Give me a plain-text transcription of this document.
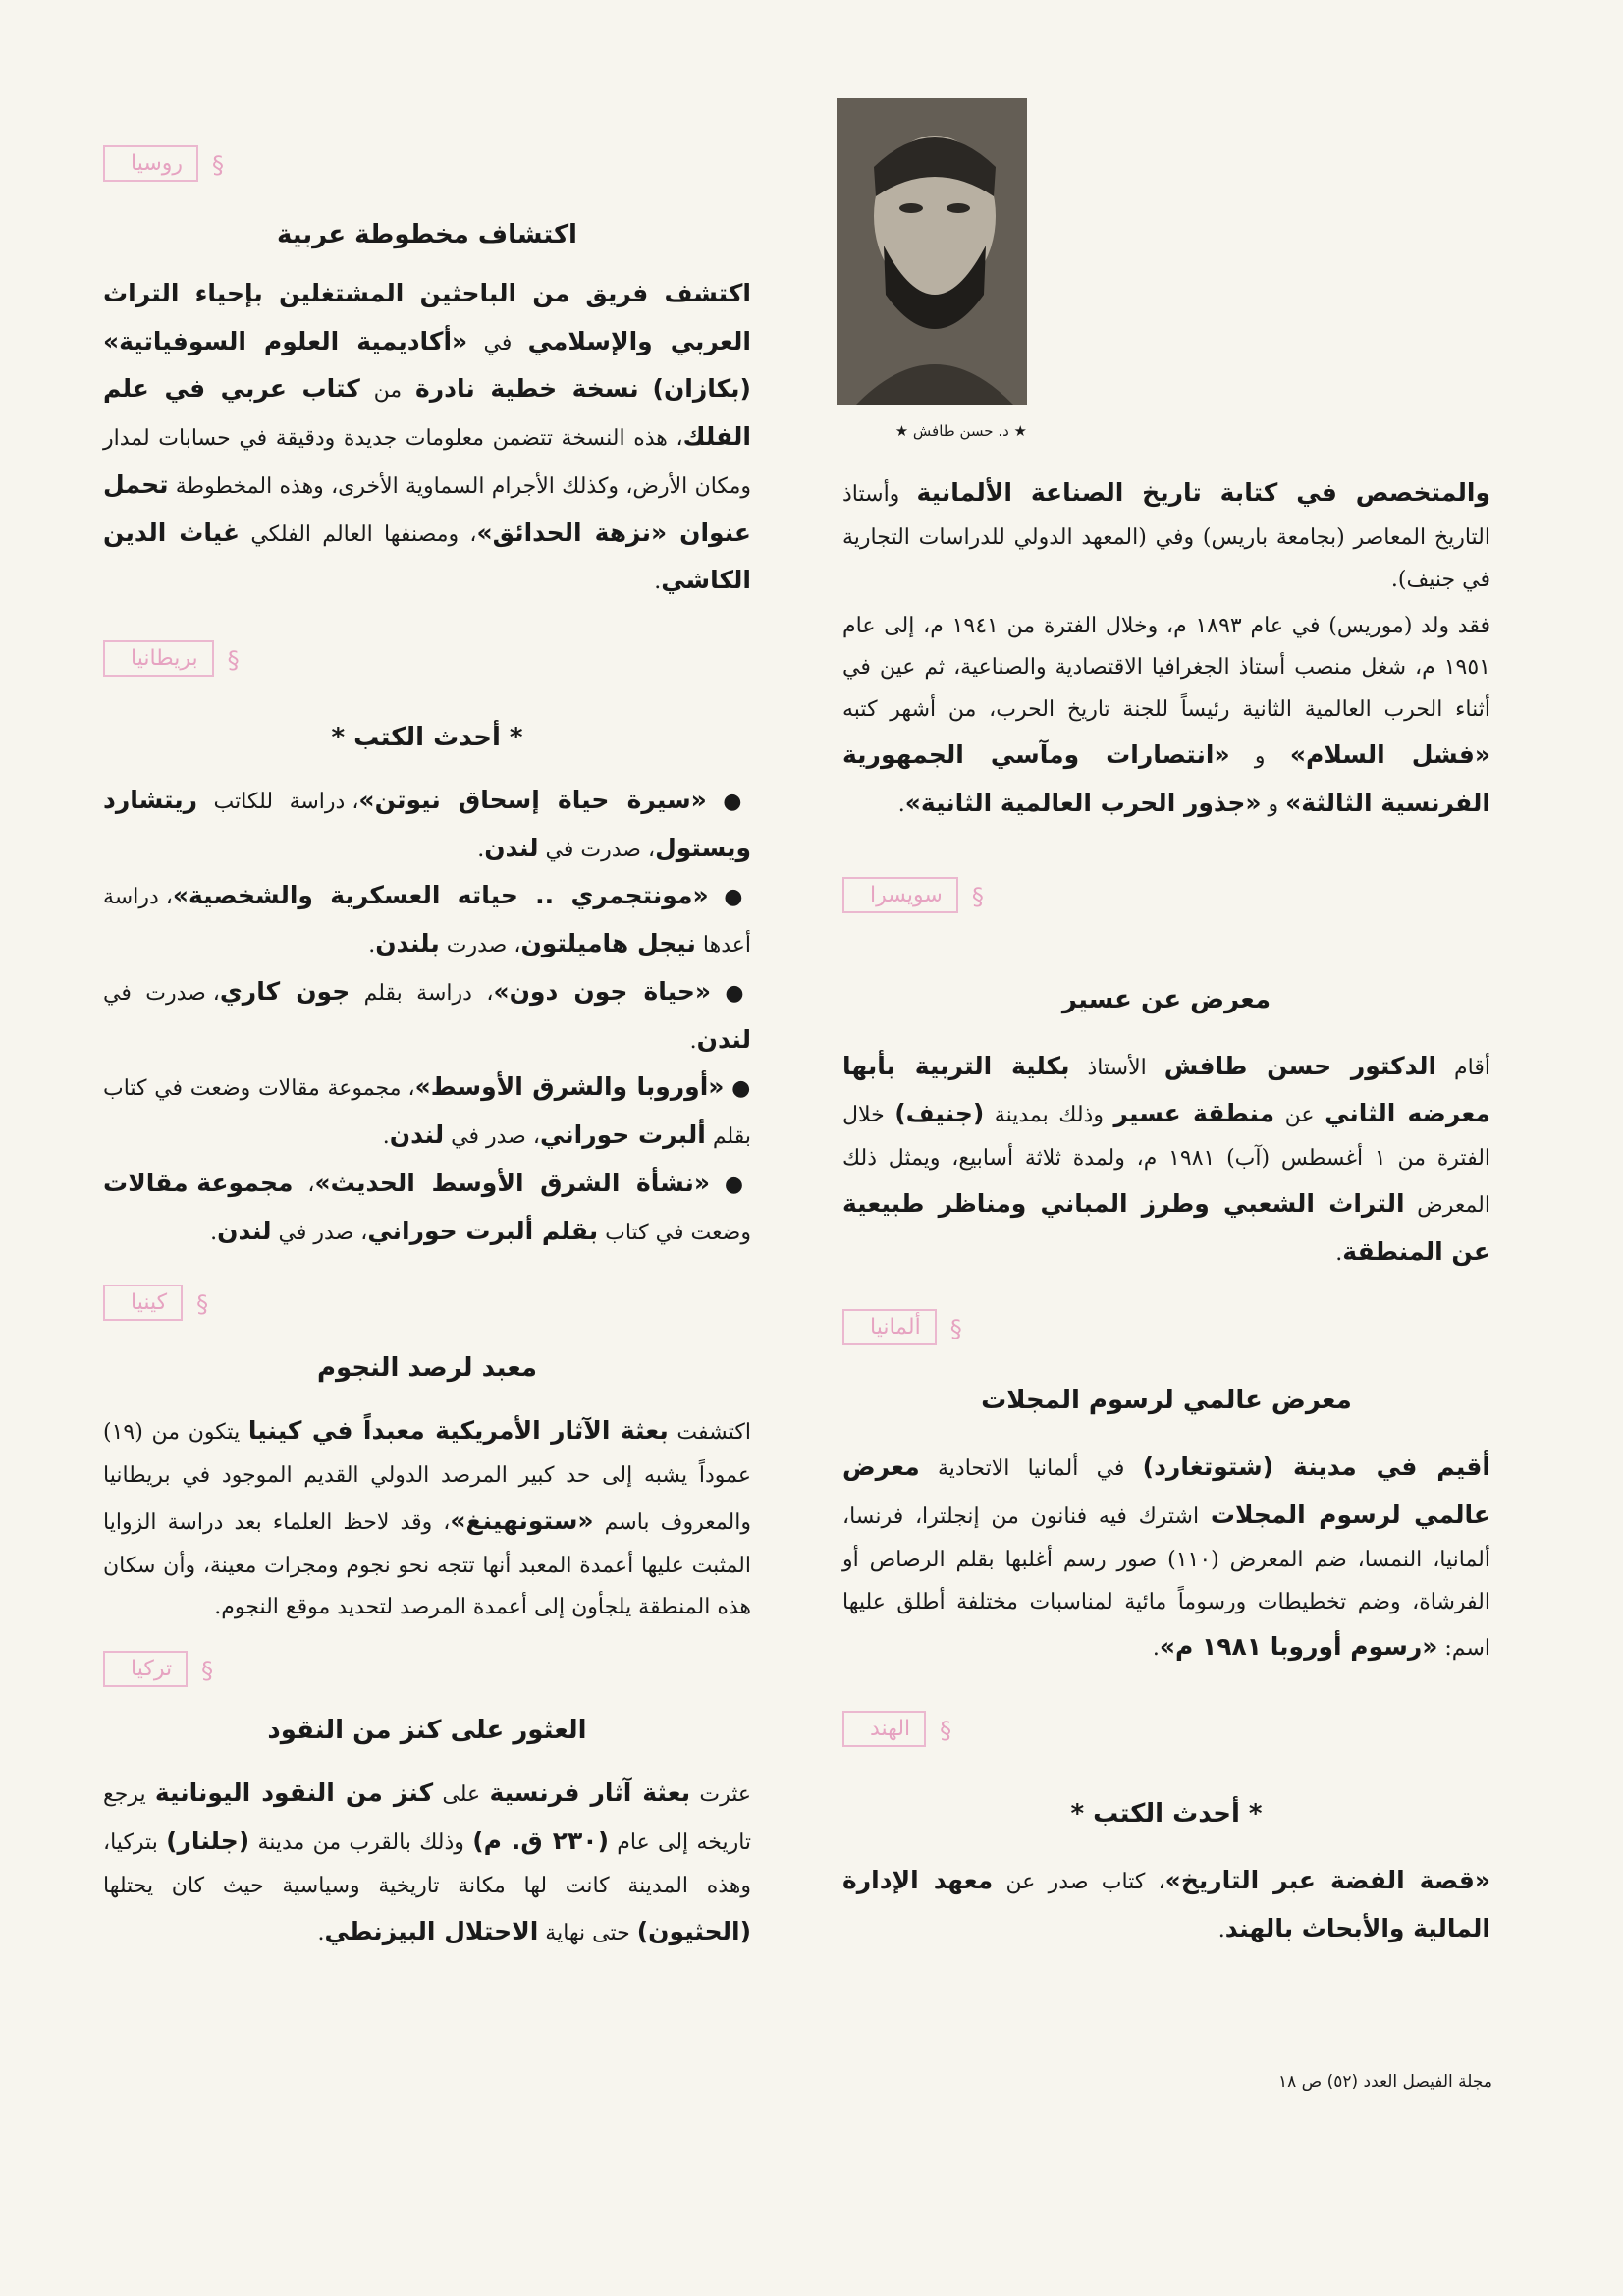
★ د. حسن طافش ★

والمتخصص في كتابة تاريخ الصناعة الألمانية وأستاذ التاريخ المعاصر (بجامعة باريس) وفي (المعهد الدولي للدراسات التجارية في جنيف).

فقد ولد (موريس) في عام ١٨٩٣ م، وخلال الفترة من ١٩٤١ م، إلى عام ١٩٥١ م، شغل منصب أستاذ الجغرافيا الاقتصادية والصناعية، ثم عين في أثناء الحرب العالمية الثانية رئيساً للجنة تاريخ الحرب، من أشهر كتبه «فشل السلام» و «انتصارات ومآسي الجمهورية الفرنسية الثالثة» و «جذور الحرب العالمية الثانية».

§ سويسرا
معرض عن عسير

أقام الدكتور حسن طافش الأستاذ بكلية التربية بأبها معرضه الثاني عن منطقة عسير وذلك بمدينة (جنيف) خلال الفترة من ١ أغسطس (آب) ١٩٨١ م، ولمدة ثلاثة أسابيع، ويمثل ذلك المعرض التراث الشعبي وطرز المباني ومناظر طبيعية عن المنطقة.

§ ألمانيا
معرض عالمي لرسوم المجلات

أقيم في مدينة (شتوتغارد) في ألمانيا الاتحادية معرض عالمي لرسوم المجلات اشترك فيه فنانون من إنجلترا، فرنسا، ألمانيا، النمسا، ضم المعرض (١١٠) صور رسم أغلبها بقلم الرصاص أو الفرشاة، وضم تخطيطات ورسوماً مائية لمناسبات مختلفة أطلق عليها اسم: «رسوم أوروبا ١٩٨١ م».

§ الهند
* أحدث الكتب *

«قصة الفضة عبر التاريخ»، كتاب صدر عن معهد الإدارة المالية والأبحاث بالهند.

§ روسيا
اكتشاف مخطوطة عربية

اكتشف فريق من الباحثين المشتغلين بإحياء التراث العربي والإسلامي في «أكاديمية العلوم السوفياتية» (بكازان) نسخة خطية نادرة من كتاب عربي في علم الفلك، هذه النسخة تتضمن معلومات جديدة ودقيقة في حسابات لمدار ومكان الأرض، وكذلك الأجرام السماوية الأخرى، وهذه المخطوطة تحمل عنوان «نزهة الحدائق»، ومصنفها العالم الفلكي غياث الدين الكاشي.

§ بريطانيا
* أحدث الكتب *
● «سيرة حياة إسحاق نيوتن»، دراسة للكاتب ريتشارد ويستول، صدرت في لندن.
● «مونتجمري .. حياته العسكرية والشخصية»، دراسة أعدها نيجل هاميلتون، صدرت بلندن.
● «حياة جون دون»، دراسة بقلم جون كاري، صدرت في لندن.
● «أوروبا والشرق الأوسط»، مجموعة مقالات وضعت في كتاب بقلم ألبرت حوراني، صدر في لندن.
● «نشأة الشرق الأوسط الحديث»، مجموعة مقالات وضعت في كتاب بقلم ألبرت حوراني، صدر في لندن.
§ كينيا
معبد لرصد النجوم

اكتشفت بعثة الآثار الأمريكية معبداً في كينيا يتكون من (١٩) عموداً يشبه إلى حد كبير المرصد الدولي القديم الموجود في بريطانيا والمعروف باسم «ستونهينغ»، وقد لاحظ العلماء بعد دراسة الزوايا المثبت عليها أعمدة المعبد أنها تتجه نحو نجوم ومجرات معينة، وأن سكان هذه المنطقة يلجأون إلى أعمدة المرصد لتحديد موقع النجوم.

§ تركيا
العثور على كنز من النقود

عثرت بعثة آثار فرنسية على كنز من النقود اليونانية يرجع تاريخه إلى عام (٢٣٠ ق. م) وذلك بالقرب من مدينة (جلنار) بتركيا، وهذه المدينة كانت لها مكانة تاريخية وسياسية حيث كان يحتلها (الحثيون) حتى نهاية الاحتلال البيزنطي.

مجلة الفيصل العدد (٥٢) ص ١٨
